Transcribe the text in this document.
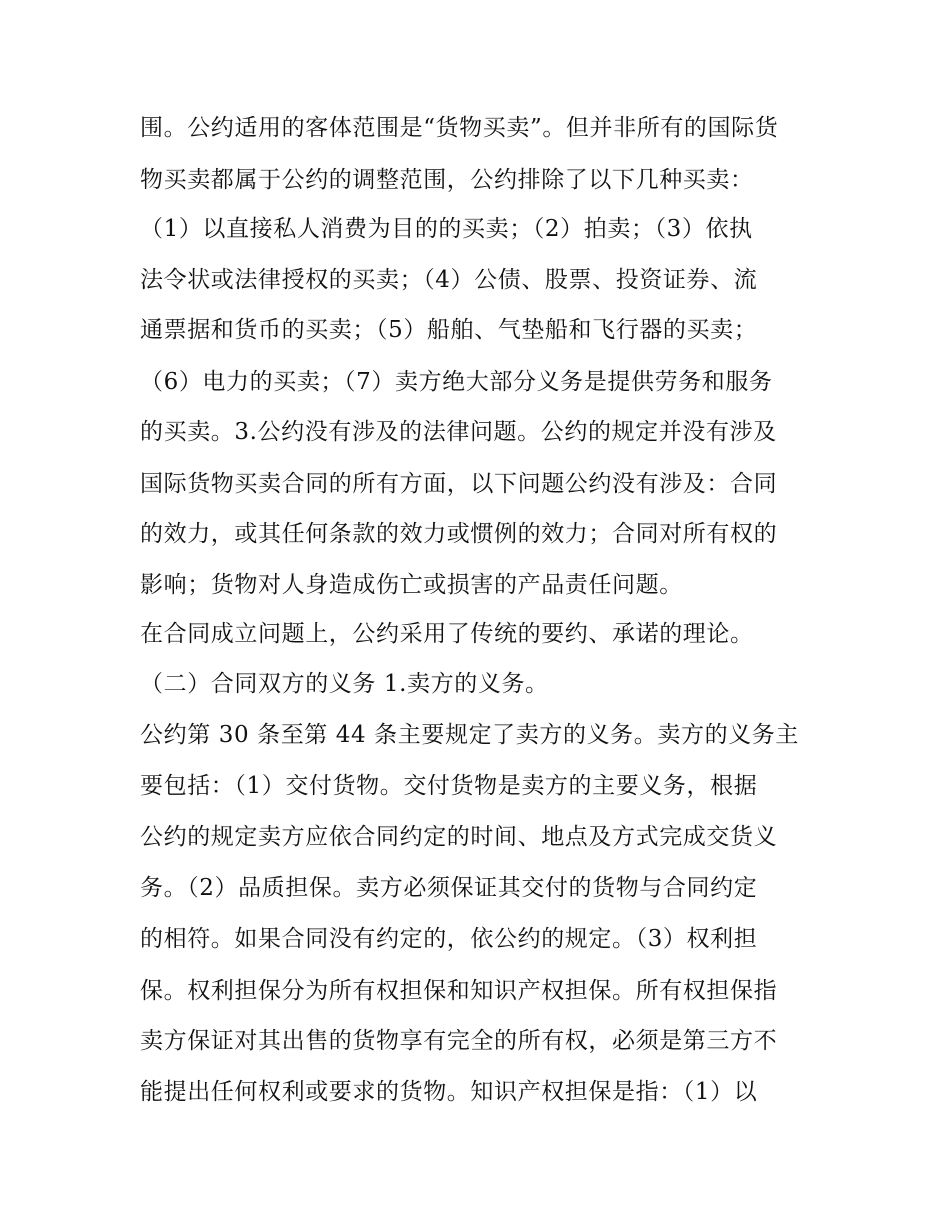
围。公约适用的客体范围是“货物买卖”。但并非所有的国际货
物买卖都属于公约的调整范围，公约排除了以下几种买卖：
（1）以直接私人消费为目的的买卖；（2）拍卖；（3）依执
法令状或法律授权的买卖；（4）公债、股票、投资证券、流
通票据和货币的买卖；（5）船舶、气垫船和飞行器的买卖；
（6）电力的买卖；（7）卖方绝大部分义务是提供劳务和服务
的买卖。3.公约没有涉及的法律问题。公约的规定并没有涉及
国际货物买卖合同的所有方面，以下问题公约没有涉及：合同
的效力，或其任何条款的效力或惯例的效力；合同对所有权的
影响；货物对人身造成伤亡或损害的产品责任问题。
在合同成立问题上，公约采用了传统的要约、承诺的理论。
（二）合同双方的义务 1.卖方的义务。
公约第 30 条至第 44 条主要规定了卖方的义务。卖方的义务主
要包括：（1）交付货物。交付货物是卖方的主要义务，根据
公约的规定卖方应依合同约定的时间、地点及方式完成交货义
务。（2）品质担保。卖方必须保证其交付的货物与合同约定
的相符。如果合同没有约定的，依公约的规定。（3）权利担
保。权利担保分为所有权担保和知识产权担保。所有权担保指
卖方保证对其出售的货物享有完全的所有权，必须是第三方不
能提出任何权利或要求的货物。知识产权担保是指：（1）以
